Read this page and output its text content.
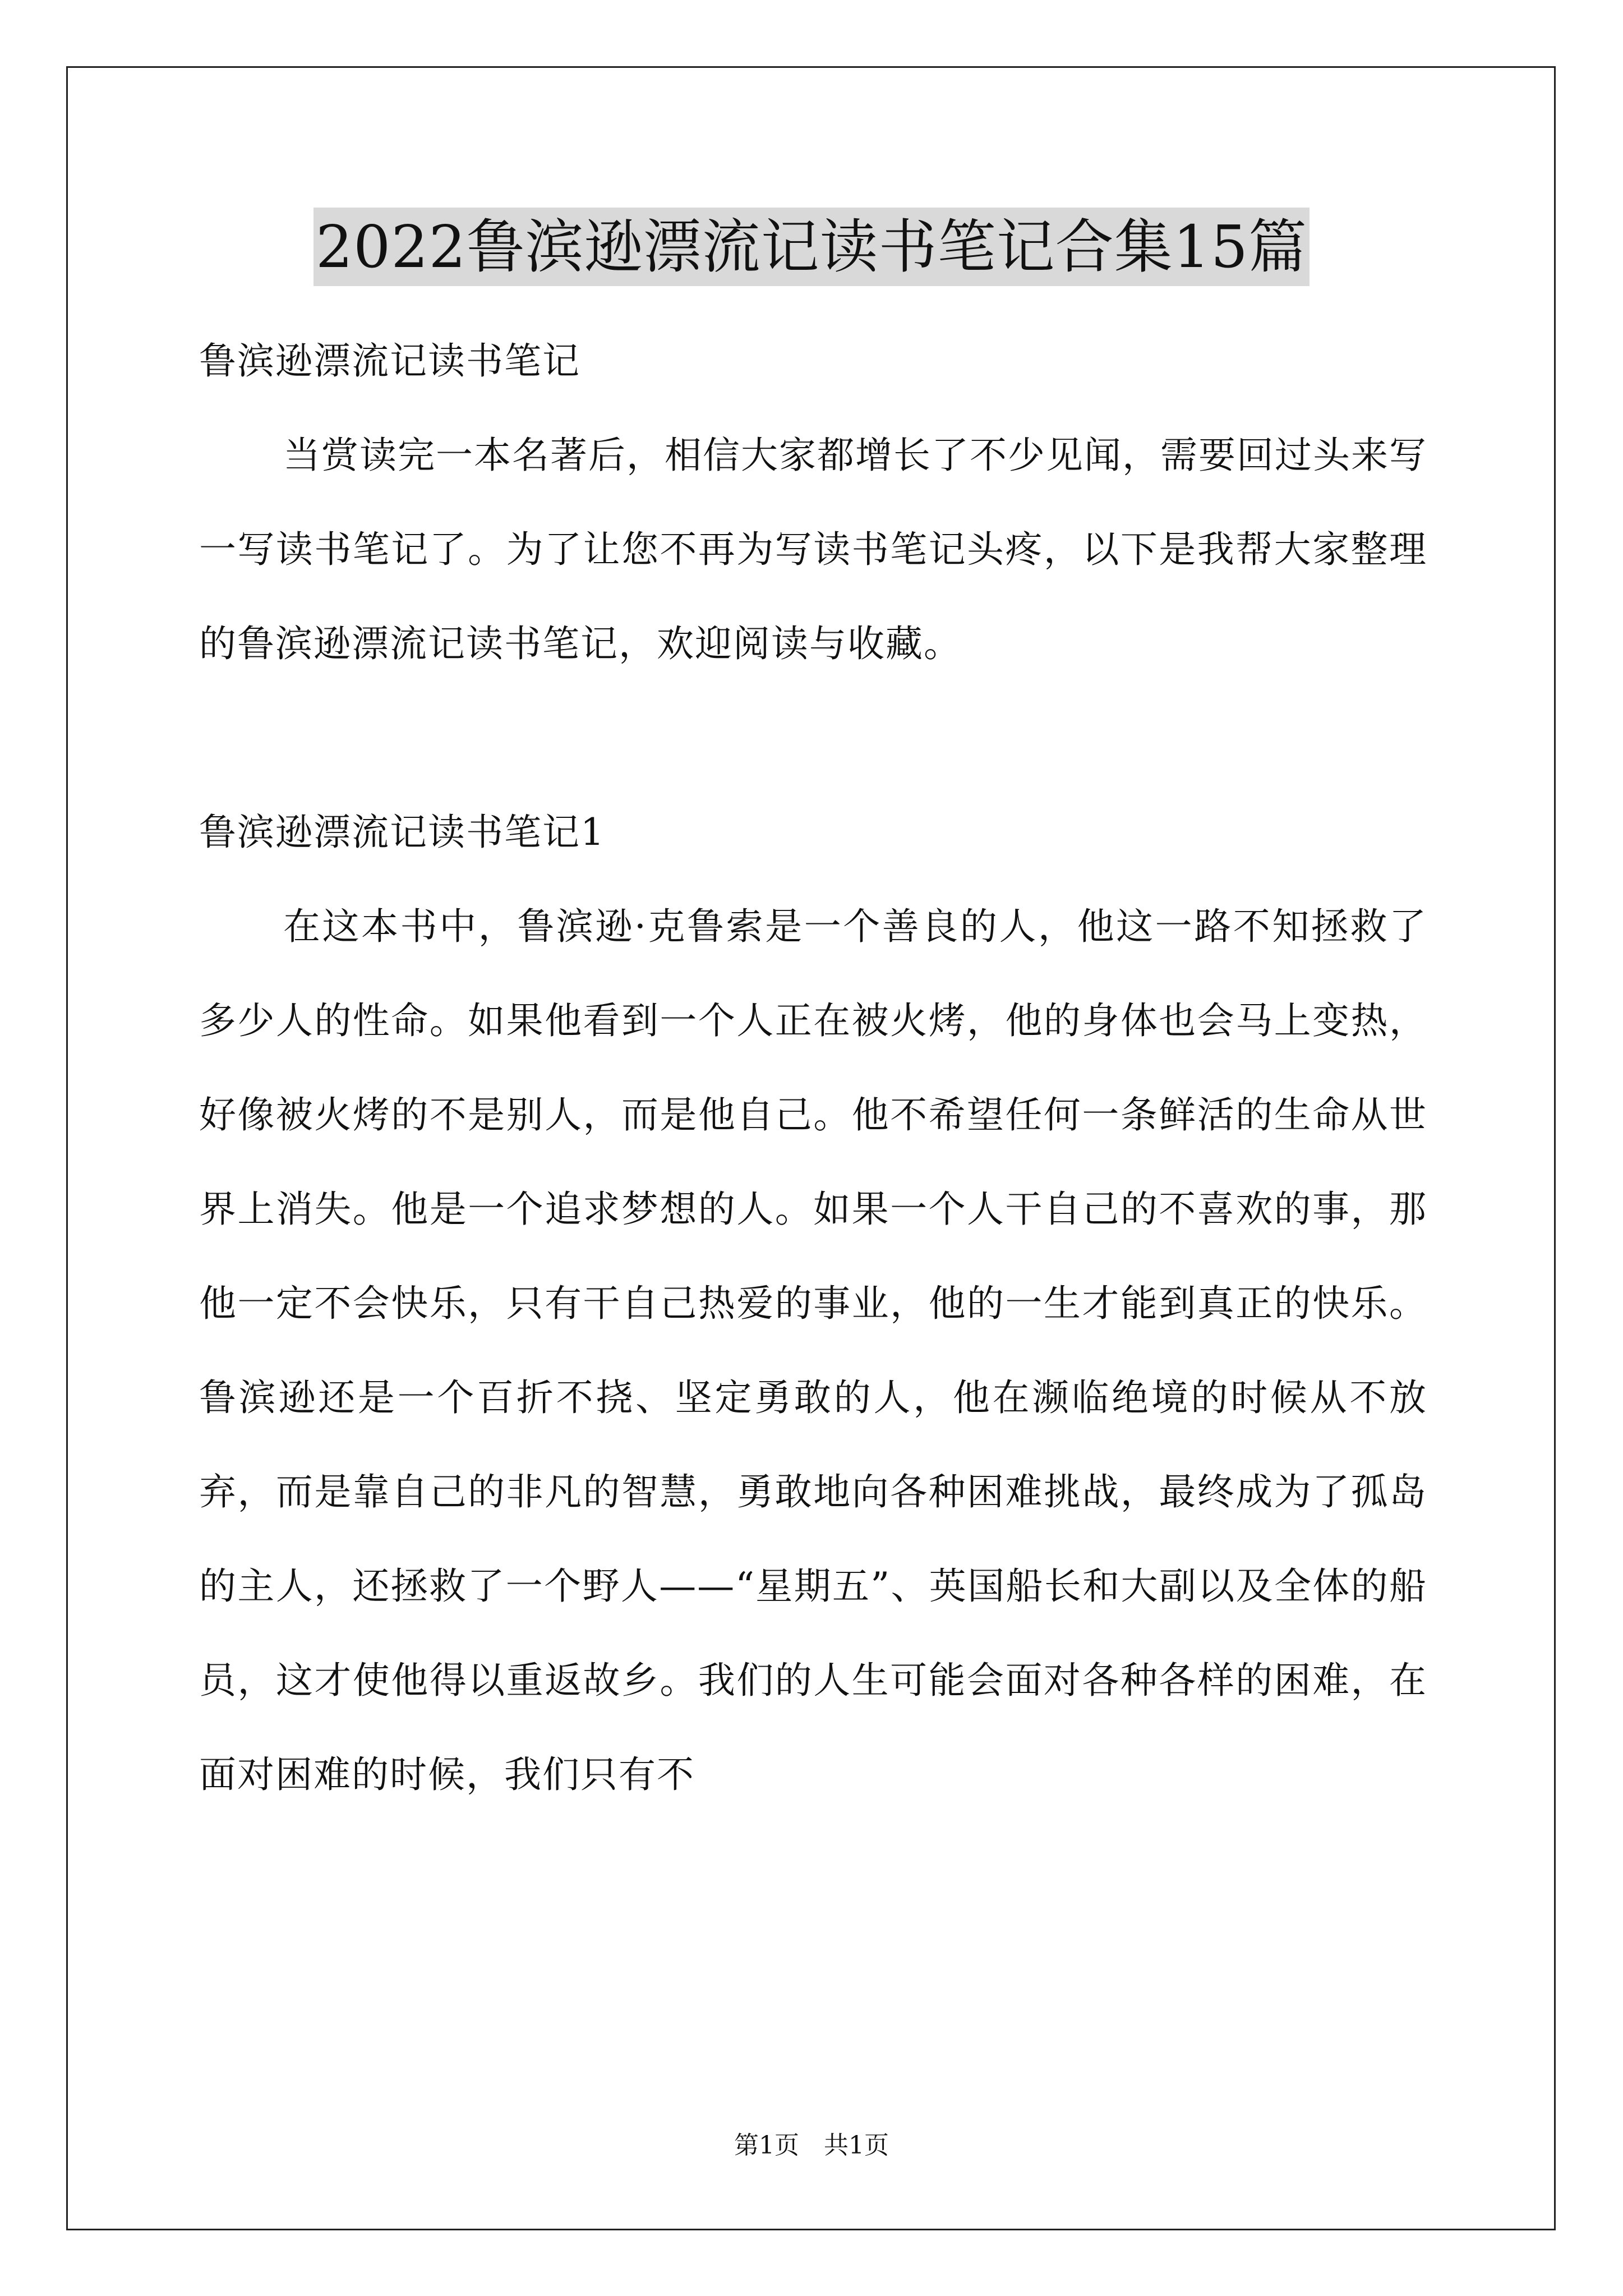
2022鲁滨逊漂流记读书笔记合集15篇

鲁滨逊漂流记读书笔记

当赏读完一本名著后，相信大家都增长了不少见闻，需要回过头来写一写读书笔记了。为了让您不再为写读书笔记头疼，以下是我帮大家整理的鲁滨逊漂流记读书笔记，欢迎阅读与收藏。

鲁滨逊漂流记读书笔记1

在这本书中，鲁滨逊·克鲁索是一个善良的人，他这一路不知拯救了多少人的性命。如果他看到一个人正在被火烤，他的身体也会马上变热，好像被火烤的不是别人，而是他自己。他不希望任何一条鲜活的生命从世界上消失。他是一个追求梦想的人。如果一个人干自己的不喜欢的事，那他一定不会快乐，只有干自己热爱的事业，他的一生才能到真正的快乐。鲁滨逊还是一个百折不挠、坚定勇敢的人，他在濒临绝境的时候从不放弃，而是靠自己的非凡的智慧，勇敢地向各种困难挑战，最终成为了孤岛的主人，还拯救了一个野人——“星期五”、英国船长和大副以及全体的船员，这才使他得以重返故乡。我们的人生可能会面对各种各样的困难，在面对困难的时候，我们只有不

第1页　共1页
